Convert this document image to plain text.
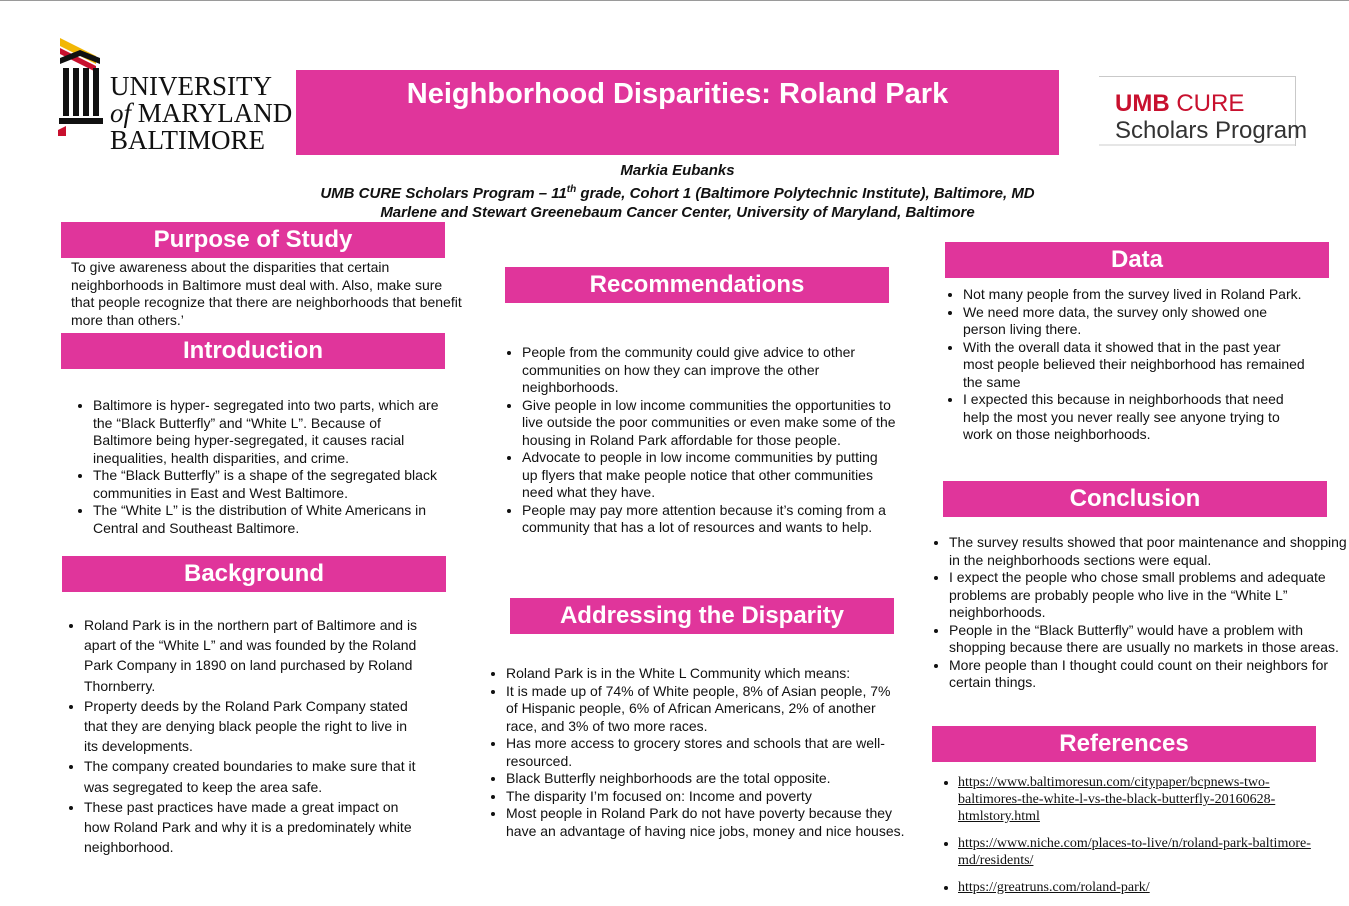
UNIVERSITY
of MARYLAND
BALTIMORE
Neighborhood Disparities: Roland Park	UMB CURE
Scholars Program
Markia Eubanks
UMB CURE Scholars Program – 11th grade, Cohort 1 (Baltimore Polytechnic Institute), Baltimore, MD
Marlene and Stewart Greenebaum Cancer Center, University of Maryland, Baltimore
Purpose of Study
To give awareness about the disparities that certain neighborhoods in Baltimore must deal with. Also, make sure that people recognize that there are neighborhoods that benefit more than others.’
Introduction
• Baltimore is hyper- segregated into two parts, which are the “Black Butterfly” and “White L”. Because of Baltimore being hyper-segregated, it causes racial inequalities, health disparities, and crime.
• The “Black Butterfly” is a shape of the segregated black communities in East and West Baltimore.
• The “White L” is the distribution of White Americans in Central and Southeast Baltimore.
Background
• Roland Park is in the northern part of Baltimore and is apart of the “White L” and was founded by the Roland Park Company in 1890 on land purchased by Roland Thornberry.
• Property deeds by the Roland Park Company stated that they are denying black people the right to live in its developments.
• The company created boundaries to make sure that it was segregated to keep the area safe.
• These past practices have made a great impact on how Roland Park and why it is a predominately white neighborhood.
Recommendations
• People from the community could give advice to other communities on how they can improve the other neighborhoods.
• Give people in low income communities the opportunities to live outside the poor communities or even make some of the housing in Roland Park affordable for those people.
• Advocate to people in low income communities by putting up flyers that make people notice that other communities need what they have.
• People may pay more attention because it’s coming from a community that has a lot of resources and wants to help.
Addressing the Disparity
• Roland Park is in the White L Community which means:
• It is made up of 74% of White people, 8% of Asian people, 7% of Hispanic people, 6% of African Americans, 2% of another race, and 3% of two more races.
• Has more access to grocery stores and schools that are well-resourced.
• Black Butterfly neighborhoods are the total opposite.
• The disparity I’m focused on: Income and poverty
• Most people in Roland Park do not have poverty because they have an advantage of having nice jobs, money and nice houses.
Data
• Not many people from the survey lived in Roland Park.
• We need more data, the survey only showed one person living there.
• With the overall data it showed that in the past year most people believed their neighborhood has remained the same
• I expected this because in neighborhoods that need help the most you never really see anyone trying to work on those neighborhoods.
Conclusion
• The survey results showed that poor maintenance and shopping in the neighborhoods sections were equal.
• I expect the people who chose small problems and adequate problems are probably people who live in the “White L” neighborhoods.
• People in the “Black Butterfly” would have a problem with shopping because there are usually no markets in those areas.
• More people than I thought could count on their neighbors for certain things.
References
• https://www.baltimoresun.com/citypaper/bcpnews-two-baltimores-the-white-l-vs-the-black-butterfly-20160628-htmlstory.html
• https://www.niche.com/places-to-live/n/roland-park-baltimore-md/residents/
• https://greatruns.com/roland-park/
